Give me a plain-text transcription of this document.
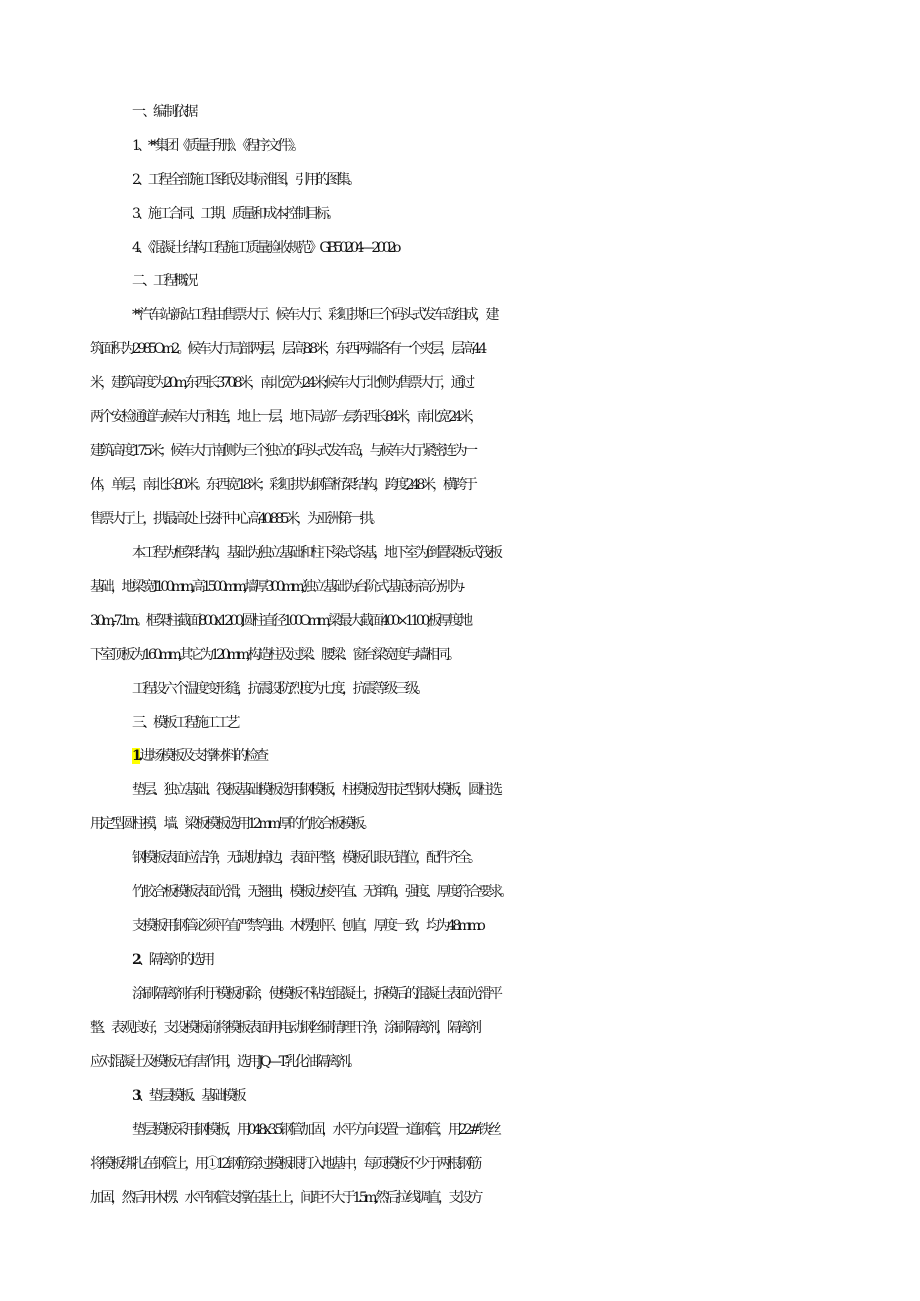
一、编制依据
1、**集团《质量手册》、《程序文件》。
2、工程全部施工图纸及其标准图，引用的图集。
3、施工合同、工期、质量和成本控制目标。
4、《混凝土结构工程施工质量验收规范》GB50204—2002o
二、工程概况
**汽车站新站工程由售票大厅、候车大厅、彩虹拱和三个码头式发车岛组成，建
筑面积为2985Om2。候车大厅局部两层，层高8.8米，东西两端各有一个夹层，层高4.4
米，建筑高度为20m,东西长370.8米，南北宽为24米;候车大厅北侧为售票大厅，通过
两个安检通道与候车大厅相连，地上一层，地下局部一层,东西长84米，南北宽24米，
建筑高度17.5米；候车大厅南侧为三个独立的码头式发车岛，与候车大厅紧密连为一
体，单层，南北长80米。东西宽18米；彩虹拱为钢管桁架结构，跨度248米，横跨于
售票大厅上，拱最高处上弦杆中心高40.885米，为亚洲第一拱。
本工程为框架结构，基础为独立基础和柱下梁式条基，地下室为倒置梁板式筏板
基础，地梁宽I100mm,高1500mm,墙厚300mm,独立基础为台阶式,基底标高分别为-
3.0m,-7.1m。框架柱截面800x1200,圆柱直径100Omm,梁最大截面400×1100,板厚度地
下室顶板为160mm,其它为120mm,构造柱及过梁、腰梁、窗台梁宽度与墙相同。
工程设六个温度变形缝，抗震设防烈度为七度，抗震等级三级。
三、模板工程施工工艺
1.进场模板及支撑材料的检查
垫层、独立基础、筏板基础模板选用钢模板，柱模板选用定型钢大模板，圆柱选
用定型圆柱模，墙、梁板模板选用12mm厚的竹胶合板模板。
钢模板表面应洁净，无缺肋掉边，表面平整，模板孔眼无错位，配件齐全。
竹胶合板模板表面光滑，无翘曲，模板边棱平直、无窜角，强度、厚度符合要求。
支模板用钢管必须平直严禁弯曲。木楞刨平、刨直，厚度一致，均为48mmo
2、隔离剂的选用
涂刷隔离剂有利于模板拆除，使模板不粘连混凝土，拆模后的混凝土表面光滑平
整、表观良好，支设模板前将模板表面用电动钢丝刷清理干净，涂刷隔离剂，隔离剂
应对混凝土及模板无有害作用，选用JQ—T乳化油隔离剂。
3、垫层模板、基础模板
垫层模板采用钢模板，用048x3.5钢管加固，水平方向设置一道钢管，用22#铁丝
将模板绑扎在钢管上，用①12钢筋穿过模板眼打入地基中，每页模板不少于两根钢筋
加固，然后用木楞、水平钢管支撑在基土上，间距不大于1.5m,然后拉线调直，支设方
